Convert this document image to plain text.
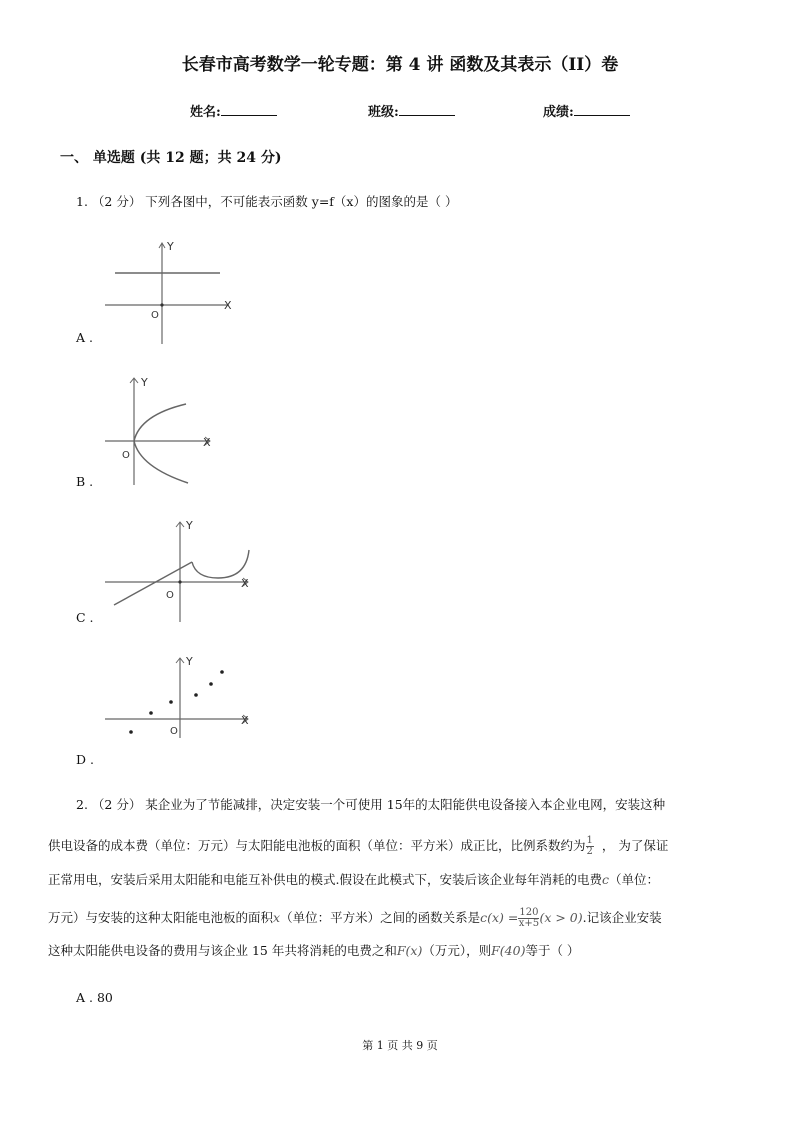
长春市高考数学一轮专题：第 4 讲 函数及其表示（II）卷
姓名:	班级:	成绩:
一、 单选题 (共 12 题；共 24 分)
1. （2 分） 下列各图中，不可能表示函数 y=f（x）的图象的是（ ）
X
Y
O
A .
X
Y
O
B .
X
Y
O
C .
X
Y
O
D .
2. （2 分） 某企业为了节能减排，决定安装一个可使用 15年的太阳能供电设备接入本企业电网，安装这种
供电设备的成本费（单位：万元）与太阳能电池板的面积（单位：平方米）成正比，比例系数约为 $\frac{1}{2}$ ， 为了保证
正常用电，安装后采用太阳能和电能互补供电的模式.假设在此模式下，安装后该企业每年消耗的电费c（单位：
万元）与安装的这种太阳能电池板的面积x（单位：平方米）之间的函数关系是$c(x) = \frac{120}{x+5} (x > 0)$.记该企业安装
这种太阳能供电设备的费用与该企业 15 年共将消耗的电费之和F(x)（万元），则F(40)等于（ ）
A . 80
第 1 页 共 9 页
